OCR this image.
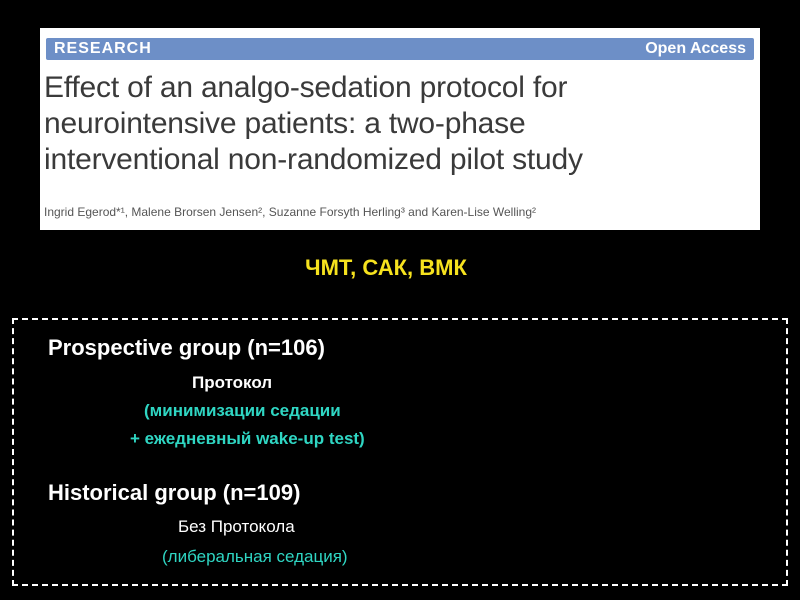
RESEARCH	Open Access
Effect of an analgo-sedation protocol for
neurointensive patients: a two-phase
interventional non-randomized pilot study
Ingrid Egerod*¹, Malene Brorsen Jensen², Suzanne Forsyth Herling³ and Karen-Lise Welling²
ЧМТ, САК, ВМК
Prospective group (n=106)
Протокол
(минимизации седации
+ ежедневный wake-up test)
Historical group (n=109)
Без Протокола
(либеральная седация)
